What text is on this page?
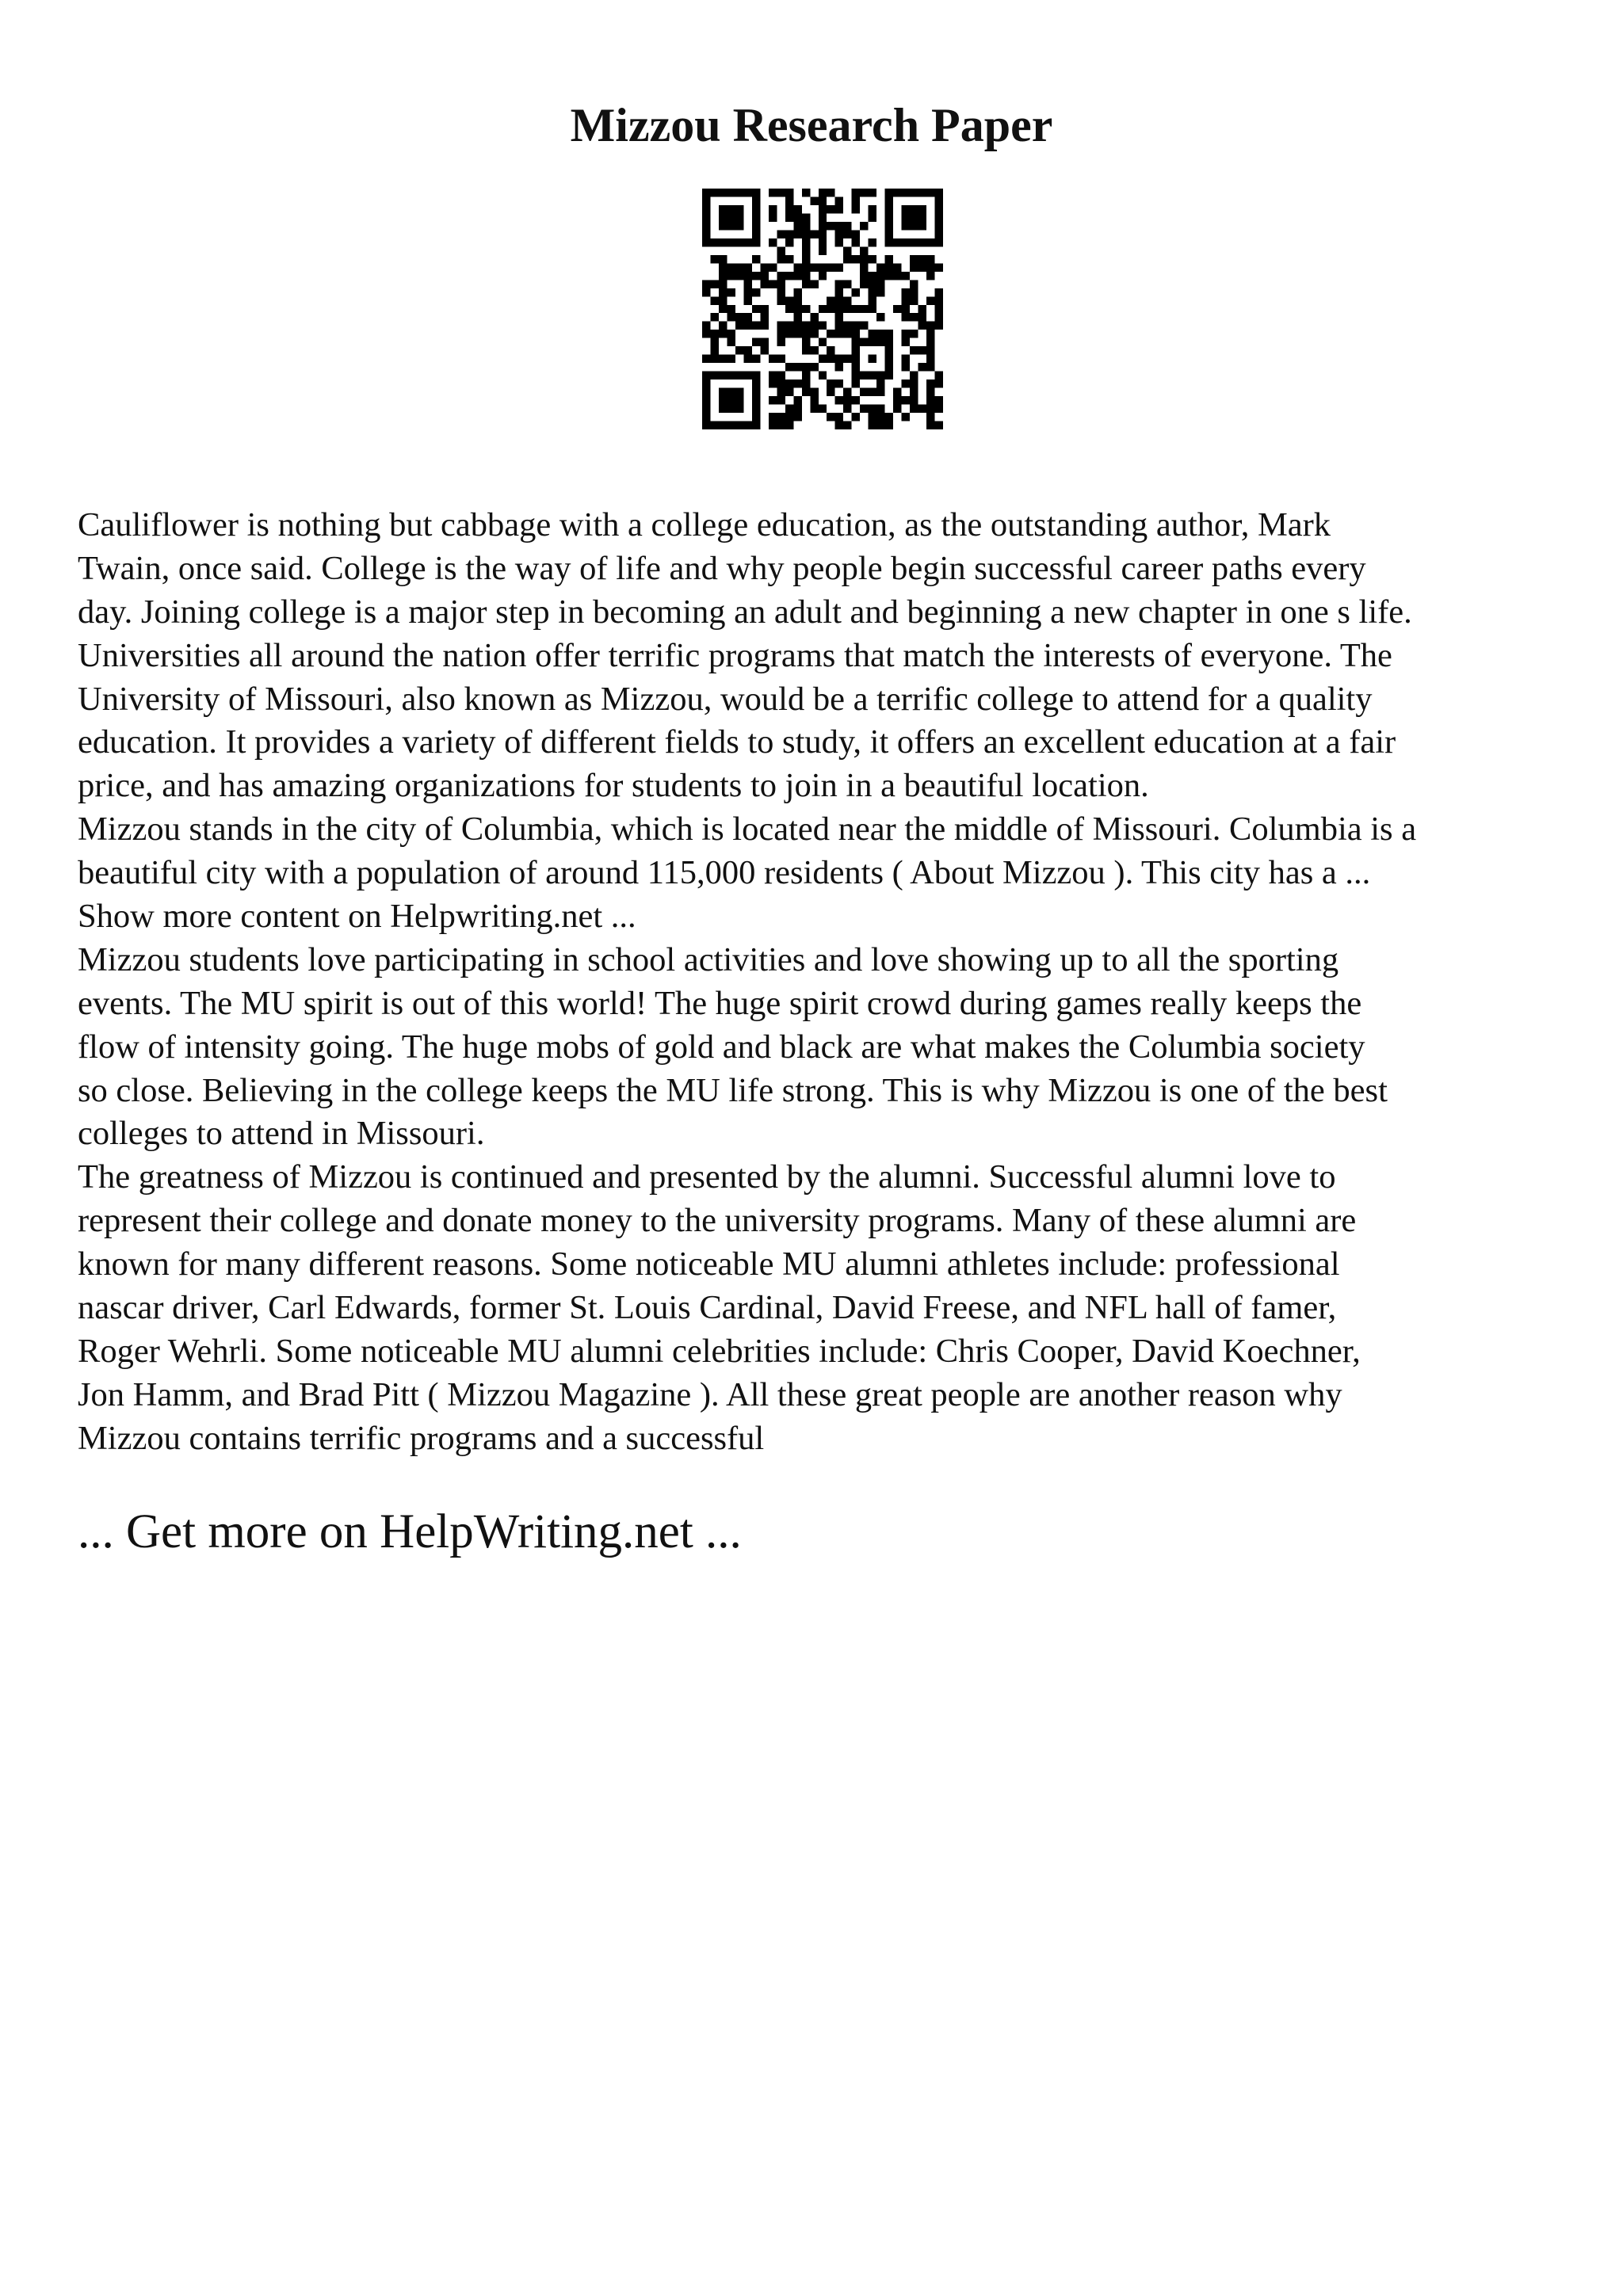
Mizzou Research Paper
Cauliflower is nothing but cabbage with a college education, as the outstanding author, Mark
Twain, once said. College is the way of life and why people begin successful career paths every
day. Joining college is a major step in becoming an adult and beginning a new chapter in one s life.
Universities all around the nation offer terrific programs that match the interests of everyone. The
University of Missouri, also known as Mizzou, would be a terrific college to attend for a quality
education. It provides a variety of different fields to study, it offers an excellent education at a fair
price, and has amazing organizations for students to join in a beautiful location.
Mizzou stands in the city of Columbia, which is located near the middle of Missouri. Columbia is a
beautiful city with a population of around 115,000 residents ( About Mizzou ). This city has a ...
Show more content on Helpwriting.net ...
Mizzou students love participating in school activities and love showing up to all the sporting
events. The MU spirit is out of this world! The huge spirit crowd during games really keeps the
flow of intensity going. The huge mobs of gold and black are what makes the Columbia society
so close. Believing in the college keeps the MU life strong. This is why Mizzou is one of the best
colleges to attend in Missouri.
The greatness of Mizzou is continued and presented by the alumni. Successful alumni love to
represent their college and donate money to the university programs. Many of these alumni are
known for many different reasons. Some noticeable MU alumni athletes include: professional
nascar driver, Carl Edwards, former St. Louis Cardinal, David Freese, and NFL hall of famer,
Roger Wehrli. Some noticeable MU alumni celebrities include: Chris Cooper, David Koechner,
Jon Hamm, and Brad Pitt ( Mizzou Magazine ). All these great people are another reason why
Mizzou contains terrific programs and a successful
... Get more on HelpWriting.net ...
